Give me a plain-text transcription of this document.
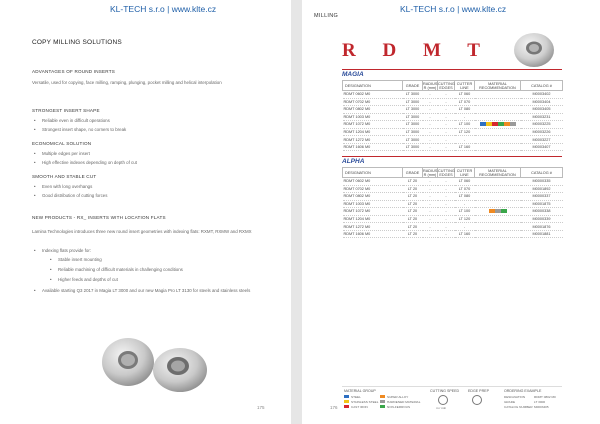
KL-TECH s.r.o | www.klte.cz
COPY MILLING SOLUTIONS
ADVANTAGES OF ROUND INSERTS
Versatile, used for copying, face milling, ramping, plunging, pocket milling and helical interpolation
STRONGEST INSERT SHAPE
• Reliable even in difficult operations
• Strongest insert shape, no corners to break
ECONOMICAL SOLUTION
• Multiple edges per insert
• High effective indexes depending on depth of cut
SMOOTH AND STABLE CUT
• Even with long overhangs
• Good distribution of cutting forces
NEW PRODUCTS - RX_ INSERTS WITH LOCATION FLATS
Lamina Technologies introduces three new round insert geometries with indexing flats: RXMT, RXMW and RXMX
• Indexing flats provide for:
• Stable insert mounting
• Reliable machining of difficult materials in challenging conditions
• Higher feeds and depths of cut
• Available starting Q3 2017 in Magia LT 3000 and our new Magia Pro LT 3130 for steels and stainless steels
175
KL-TECH s.r.o | www.klte.cz
MILLING
R D M T
MAGIA
DESIGNATION	GRADE	RADIUS R (mm)	CUTTING EDGES	CUTTER LINE	MATERIAL RECOMMENDATION	CATALOG #
RDMT 0602 M0	LT 3000	-	-	LT 060		M0003402
RDMT 0702 M0	LT 3000	-	-	LT 070		M0003404
RDMT 0802 M0	LT 3000	-	-	LT 080		M0003405
RDMT 1003 M0	LT 3000	-	-	-		M0003231
RDMT 1072 M0	LT 3000	-	-	LT 100		M0003225
RDMT 1204 M0	LT 3000	-	-	LT 120		M0003226
RDMT 1272 M0	LT 3000	-	-	-		M0003227
RDMT 1606 M0	LT 3000	-	-	LT 160		M0003407
ALPHA
DESIGNATION	GRADE	RADIUS R (mm)	CUTTING EDGES	CUTTER LINE	MATERIAL RECOMMENDATION	CATALOG #
RDMT 0602 M0	LT 20	-	-	LT 060		M0000335
RDMT 0702 M0	LT 20	-	-	LT 070		M0001892
RDMT 0802 M0	LT 20	-	-	LT 080		M0000337
RDMT 1003 M0	LT 20	-	-	-		M0001875
RDMT 1072 M0	LT 20	-	-	LT 100		M0000338
RDMT 1204 M0	LT 20	-	-	LT 120		M0000339
RDMT 1272 M0	LT 20	-	-	-		M0001876
RDMT 1606 M0	LT 20	-	-	LT 160		M0001881
MATERIAL GROUP
STEEL
STAINLESS STEEL
CAST IRON
SUPER ALLOY
HARDENED MATERIAL
NON-FERROUS
CUTTING SPEED
m / min
EDGE PREP	ORDERING EXAMPLE
DESIGNATION
GRADE
CATALOG NUMBER
RDMT 0802 M0
LT 3000
M0003405
176
